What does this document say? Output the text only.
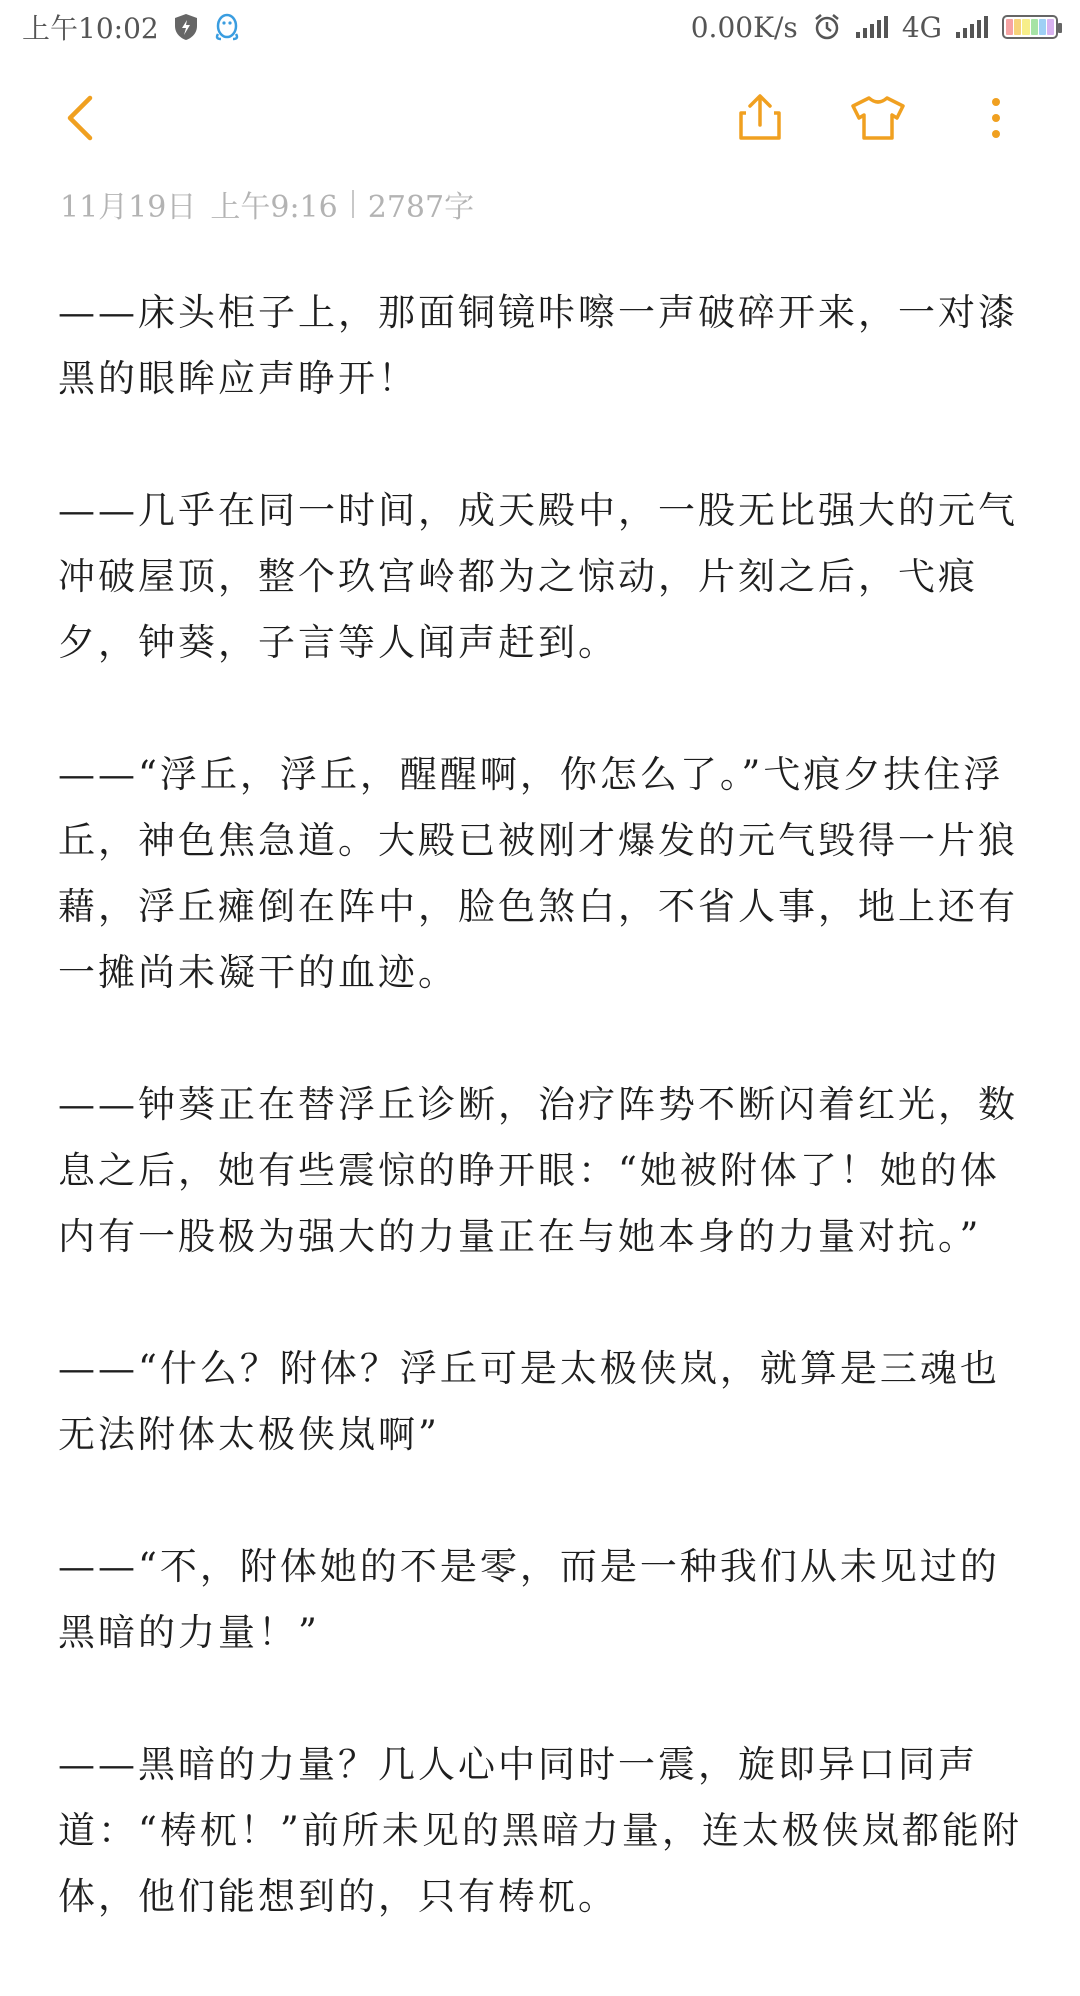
上午10:02	0.00K/s	4G
11月19日 上午9:16 2787字

——床头柜子上，那面铜镜咔嚓一声破碎开来，一对漆黑的眼眸应声睁开！

——几乎在同一时间，成天殿中，一股无比强大的元气冲破屋顶，整个玖宫岭都为之惊动，片刻之后，弋痕夕，钟葵，子言等人闻声赶到。

——“浮丘，浮丘，醒醒啊，你怎么了。”弋痕夕扶住浮丘，神色焦急道。大殿已被刚才爆发的元气毁得一片狼藉，浮丘瘫倒在阵中，脸色煞白，不省人事，地上还有一摊尚未凝干的血迹。

——钟葵正在替浮丘诊断，治疗阵势不断闪着红光，数息之后，她有些震惊的睁开眼：“她被附体了！她的体内有一股极为强大的力量正在与她本身的力量对抗。”

——“什么？附体？浮丘可是太极侠岚，就算是三魂也无法附体太极侠岚啊”

——“不，附体她的不是零，而是一种我们从未见过的黑暗的力量！”

——黑暗的力量？几人心中同时一震，旋即异口同声道：“梼杌！”前所未见的黑暗力量，连太极侠岚都能附体，他们能想到的，只有梼杌。
